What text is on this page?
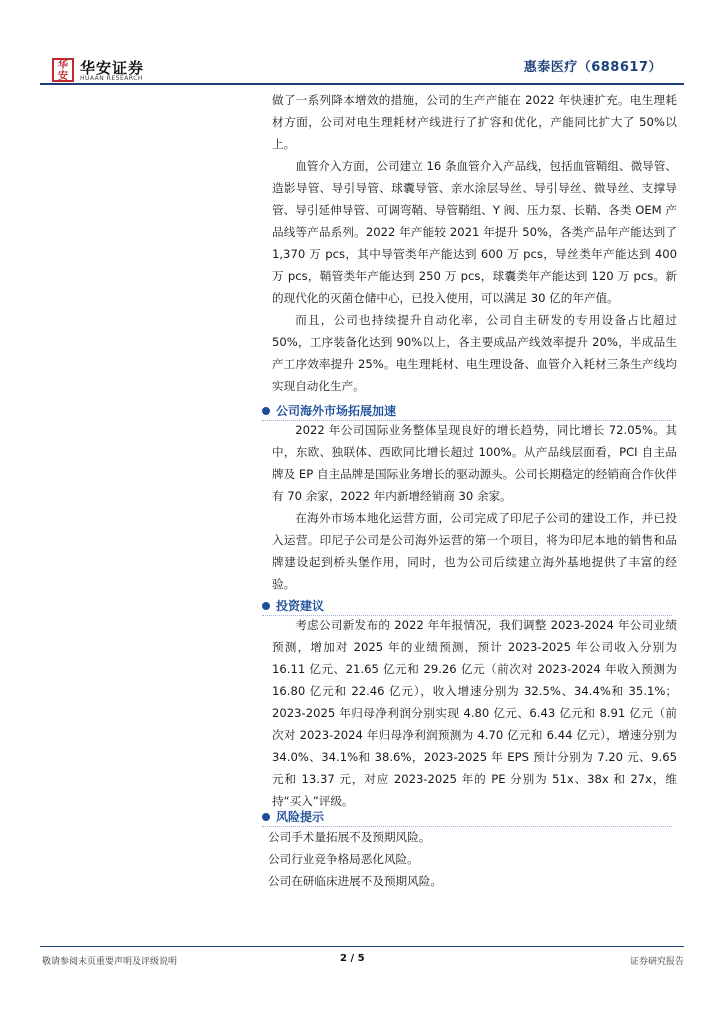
华
安 华安证券
HUAAN RESEARCH
惠泰医疗（688617）

做了一系列降本增效的措施，公司的生产产能在 2022 年快速扩充。电生理耗材方面，公司对电生理耗材产线进行了扩容和优化，产能同比扩大了 50%以上。

血管介入方面，公司建立 16 条血管介入产品线，包括血管鞘组、微导管、造影导管、导引导管、球囊导管、亲水涂层导丝、导引导丝、微导丝、支撑导管、导引延伸导管、可调弯鞘、导管鞘组、Y 阀、压力泵、长鞘、各类 OEM 产品线等产品系列。2022 年产能较 2021 年提升 50%，各类产品年产能达到了 1,370 万 pcs，其中导管类年产能达到 600 万 pcs，导丝类年产能达到 400 万 pcs，鞘管类年产能达到 250 万 pcs，球囊类年产能达到 120 万 pcs。新的现代化的灭菌仓储中心，已投入使用，可以满足 30 亿的年产值。

而且，公司也持续提升自动化率，公司自主研发的专用设备占比超过 50%，工序装备化达到 90%以上，各主要成品产线效率提升 20%，半成品生产工序效率提升 25%。电生理耗材、电生理设备、血管介入耗材三条生产线均实现自动化生产。

公司海外市场拓展加速

2022 年公司国际业务整体呈现良好的增长趋势，同比增长 72.05%。其中，东欧、独联体、西欧同比增长超过 100%。从产品线层面看，PCI 自主品牌及 EP 自主品牌是国际业务增长的驱动源头。公司长期稳定的经销商合作伙伴有 70 余家，2022 年内新增经销商 30 余家。

在海外市场本地化运营方面，公司完成了印尼子公司的建设工作，并已投入运营。印尼子公司是公司海外运营的第一个项目，将为印尼本地的销售和品牌建设起到桥头堡作用，同时，也为公司后续建立海外基地提供了丰富的经验。

投资建议

考虑公司新发布的 2022 年年报情况，我们调整 2023-2024 年公司业绩预测，增加对 2025 年的业绩预测，预计 2023-2025 年公司收入分别为 16.11 亿元、21.65 亿元和 29.26 亿元（前次对 2023-2024 年收入预测为 16.80 亿元和 22.46 亿元），收入增速分别为 32.5%、34.4%和 35.1%；2023-2025 年归母净利润分别实现 4.80 亿元、6.43 亿元和 8.91 亿元（前次对 2023-2024 年归母净利润预测为 4.70 亿元和 6.44 亿元），增速分别为 34.0%、34.1%和 38.6%，2023-2025 年 EPS 预计分别为 7.20 元、9.65 元和 13.37 元，对应 2023-2025 年的 PE 分别为 51x、38x 和 27x，维持“买入”评级。

风险提示

公司手术量拓展不及预期风险。

公司行业竞争格局恶化风险。

公司在研临床进展不及预期风险。

敬请参阅末页重要声明及评级说明	2 / 5	证券研究报告
